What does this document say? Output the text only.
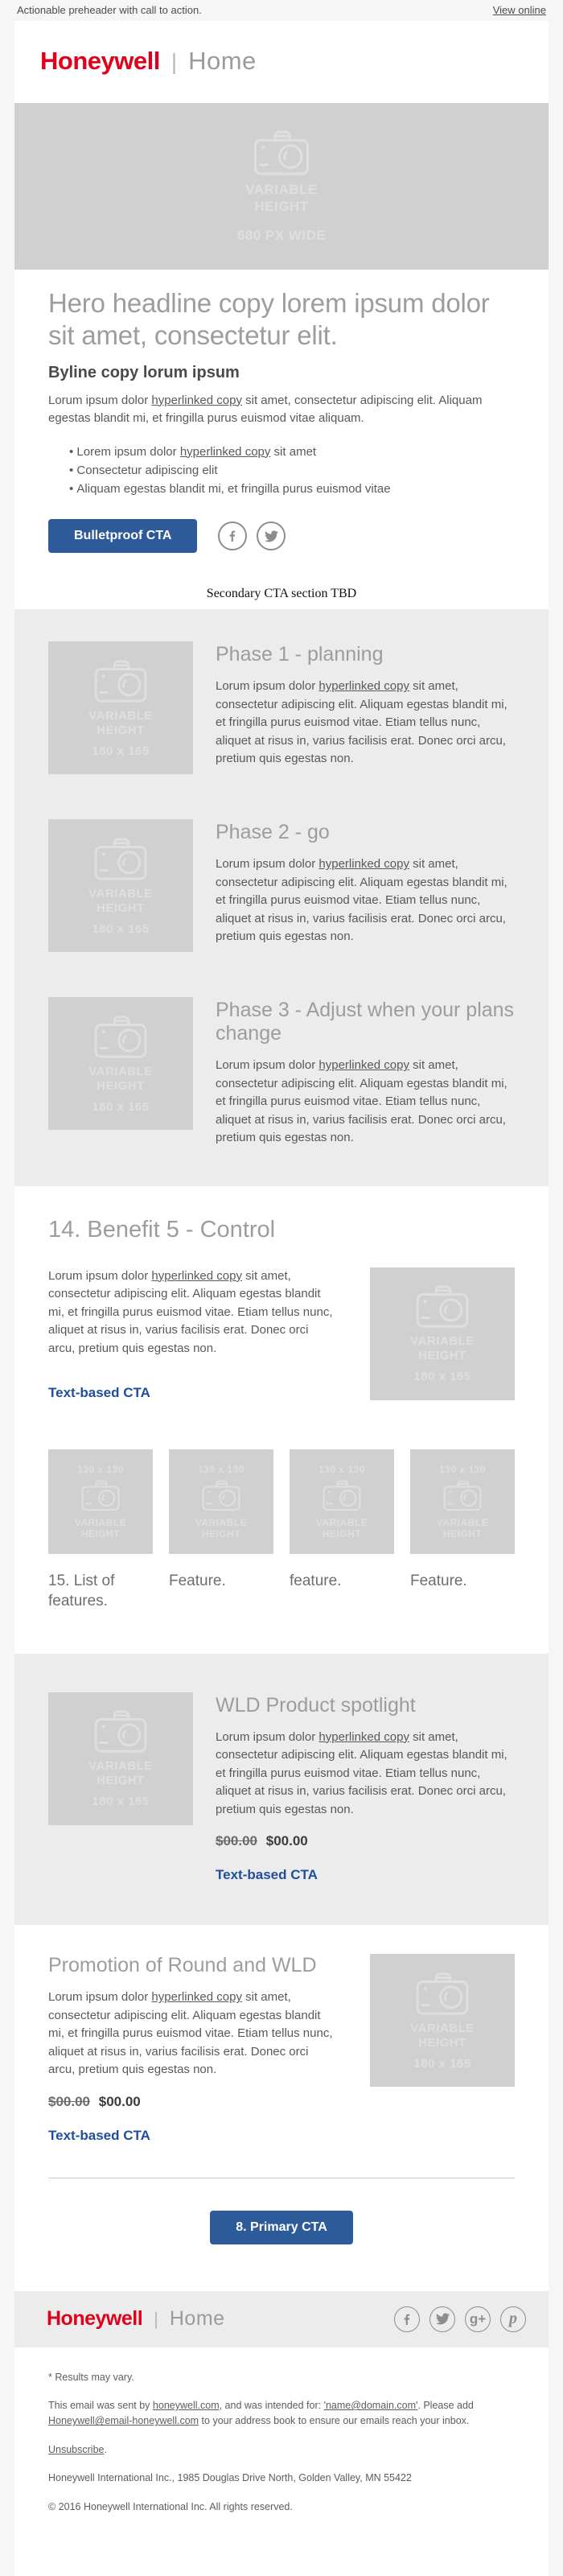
Actionable preheader with call to action.	View online
Honeywell | Home
VARIABLE
HEIGHT
680 PX WIDE
Hero headline copy lorem ipsum dolor sit amet, consectetur elit.

Byline copy lorum ipsum

Lorum ipsum dolor hyperlinked copy sit amet, consectetur adipiscing elit. Aliquam egestas blandit mi, et fringilla purus euismod vitae aliquam.

• Lorem ipsum dolor hyperlinked copy sit amet
• Consectetur adipiscing elit
• Aliquam egestas blandit mi, et fringilla purus euismod vitae
Bulletproof CTA
Secondary CTA section TBD
VARIABLE
HEIGHT
180 x 165
Phase 1 - planning

Lorum ipsum dolor hyperlinked copy sit amet, consectetur adipiscing elit. Aliquam egestas blandit mi, et fringilla purus euismod vitae. Etiam tellus nunc, aliquet at risus in, varius facilisis erat. Donec orci arcu, pretium quis egestas non.

VARIABLE
HEIGHT
180 x 165
Phase 2 - go

Lorum ipsum dolor hyperlinked copy sit amet, consectetur adipiscing elit. Aliquam egestas blandit mi, et fringilla purus euismod vitae. Etiam tellus nunc, aliquet at risus in, varius facilisis erat. Donec orci arcu, pretium quis egestas non.

VARIABLE
HEIGHT
180 x 165
Phase 3 - Adjust when your plans change

Lorum ipsum dolor hyperlinked copy sit amet, consectetur adipiscing elit. Aliquam egestas blandit mi, et fringilla purus euismod vitae. Etiam tellus nunc, aliquet at risus in, varius facilisis erat. Donec orci arcu, pretium quis egestas non.

14. Benefit 5 - Control

Lorum ipsum dolor hyperlinked copy sit amet, consectetur adipiscing elit. Aliquam egestas blandit mi, et fringilla purus euismod vitae. Etiam tellus nunc, aliquet at risus in, varius facilisis erat. Donec orci arcu, pretium quis egestas non.

Text-based CTA
VARIABLE
HEIGHT
180 x 165
130 x 130
VARIABLE
HEIGHT
130 x 130
VARIABLE
HEIGHT
130 x 130
VARIABLE
HEIGHT
130 x 130
VARIABLE
HEIGHT
15. List of features.
Feature.	feature.	Feature.
VARIABLE
HEIGHT
180 x 165
WLD Product spotlight

Lorum ipsum dolor hyperlinked copy sit amet, consectetur adipiscing elit. Aliquam egestas blandit mi, et fringilla purus euismod vitae. Etiam tellus nunc, aliquet at risus in, varius facilisis erat. Donec orci arcu, pretium quis egestas non.

$00.00 $00.00
Text-based CTA
Promotion of Round and WLD

Lorum ipsum dolor hyperlinked copy sit amet, consectetur adipiscing elit. Aliquam egestas blandit mi, et fringilla purus euismod vitae. Etiam tellus nunc, aliquet at risus in, varius facilisis erat. Donec orci arcu, pretium quis egestas non.

$00.00 $00.00
Text-based CTA
VARIABLE
HEIGHT
180 x 165
8. Primary CTA
Honeywell | Home	g+ p

* Results may vary.

This email was sent by honeywell.com, and was intended for: 'name@domain.com'. Please add Honeywell@email-honeywell.com to your address book to ensure our emails reach your inbox.

Unsubscribe.

Honeywell International Inc., 1985 Douglas Drive North, Golden Valley, MN 55422

© 2016 Honeywell International Inc. All rights reserved.
